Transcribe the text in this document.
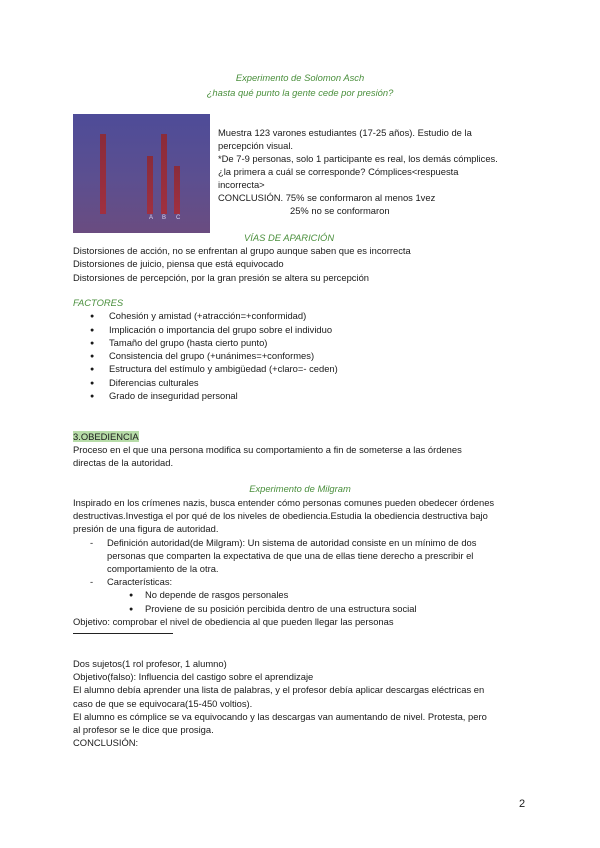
Experimento de Solomon Asch
¿hasta qué punto la gente cede por presión?
A B C
Muestra 123 varones estudiantes (17-25 años). Estudio de la
percepción visual.
*De 7-9 personas, solo 1 participante es real, los demás cómplices.
¿la primera a cuál se corresponde? Cómplices<respuesta
incorrecta>
CONCLUSIÓN. 75% se conformaron al menos 1vez
25% no se conformaron
VÍAS DE APARICIÓN
Distorsiones de acción, no se enfrentan al grupo aunque saben que es incorrecta
Distorsiones de juicio, piensa que está equivocado
Distorsiones de percepción, por la gran presión se altera su percepción
FACTORES
● Cohesión y amistad (+atracción=+conformidad)
● Implicación o importancia del grupo sobre el individuo
● Tamaño del grupo (hasta cierto punto)
● Consistencia del grupo (+unánimes=+conformes)
● Estructura del estímulo y ambigüedad (+claro=- ceden)
● Diferencias culturales
● Grado de inseguridad personal
3.OBEDIENCIA
Proceso en el que una persona modifica su comportamiento a fin de someterse a las órdenes
directas de la autoridad.
Experimento de Milgram
Inspirado en los crímenes nazis, busca entender cómo personas comunes pueden obedecer órdenes
destructivas.Investiga el por qué de los niveles de obediencia.Estudia la obediencia destructiva bajo
presión de una figura de autoridad.
- Definición autoridad(de Milgram): Un sistema de autoridad consiste en un mínimo de dos
personas que comparten la expectativa de que una de ellas tiene derecho a prescribir el
comportamiento de la otra.
- Características:
● No depende de rasgos personales
● Proviene de su posición percibida dentro de una estructura social
Objetivo: comprobar el nivel de obediencia al que pueden llegar las personas
Dos sujetos(1 rol profesor, 1 alumno)
Objetivo(falso): Influencia del castigo sobre el aprendizaje
El alumno debía aprender una lista de palabras, y el profesor debía aplicar descargas eléctricas en
caso de que se equivocara(15-450 voltios).
El alumno es cómplice se va equivocando y las descargas van aumentando de nivel. Protesta, pero
al profesor se le dice que prosiga.
CONCLUSIÓN:
2
